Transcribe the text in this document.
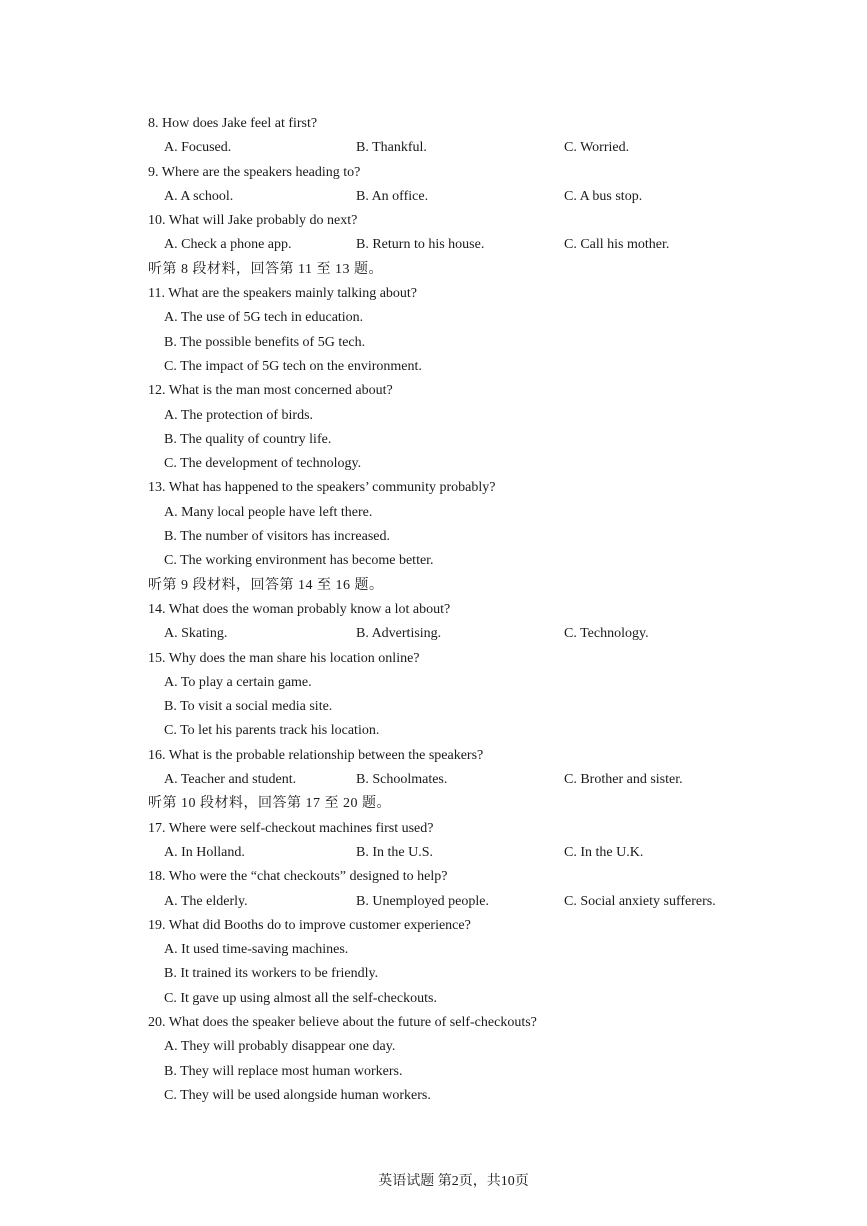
8. How does Jake feel at first?
A. Focused.	B. Thankful.	C. Worried.
9. Where are the speakers heading to?
A. A school.	B. An office.	C. A bus stop.
10. What will Jake probably do next?
A. Check a phone app.	B. Return to his house.	C. Call his mother.
听第 8 段材料，回答第 11 至 13 题。
11. What are the speakers mainly talking about?
A. The use of 5G tech in education.
B. The possible benefits of 5G tech.
C. The impact of 5G tech on the environment.
12. What is the man most concerned about?
A. The protection of birds.
B. The quality of country life.
C. The development of technology.
13. What has happened to the speakers’ community probably?
A. Many local people have left there.
B. The number of visitors has increased.
C. The working environment has become better.
听第 9 段材料，回答第 14 至 16 题。
14. What does the woman probably know a lot about?
A. Skating.	B. Advertising.	C. Technology.
15. Why does the man share his location online?
A. To play a certain game.
B. To visit a social media site.
C. To let his parents track his location.
16. What is the probable relationship between the speakers?
A. Teacher and student.	B. Schoolmates.	C. Brother and sister.
听第 10 段材料，回答第 17 至 20 题。
17. Where were self-checkout machines first used?
A. In Holland.	B. In the U.S.	C. In the U.K.
18. Who were the “chat checkouts” designed to help?
A. The elderly.	B. Unemployed people.	C. Social anxiety sufferers.
19. What did Booths do to improve customer experience?
A. It used time-saving machines.
B. It trained its workers to be friendly.
C. It gave up using almost all the self-checkouts.
20. What does the speaker believe about the future of self-checkouts?
A. They will probably disappear one day.
B. They will replace most human workers.
C. They will be used alongside human workers.
英语试题 第2页，共10页
